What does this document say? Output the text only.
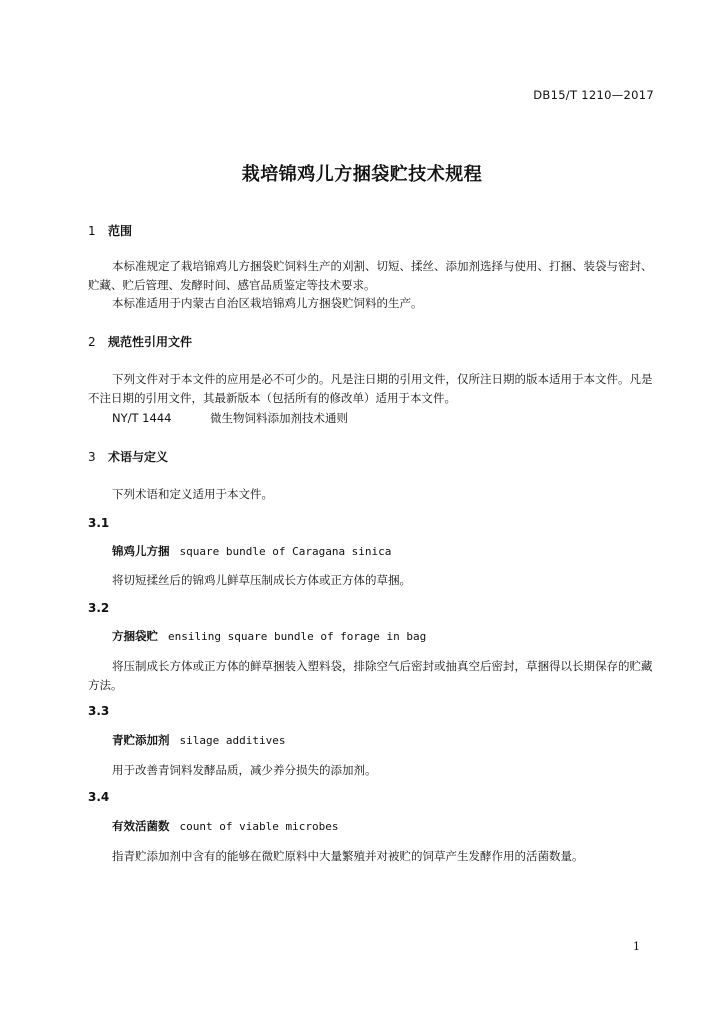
DB15/T 1210—2017
栽培锦鸡儿方捆袋贮技术规程
1 范围
本标准规定了栽培锦鸡儿方捆袋贮饲料生产的刈割、切短、揉丝、添加剂选择与使用、打捆、装袋与密封、贮藏、贮后管理、发酵时间、感官品质鉴定等技术要求。
本标准适用于内蒙古自治区栽培锦鸡儿方捆袋贮饲料的生产。
2 规范性引用文件
下列文件对于本文件的应用是必不可少的。凡是注日期的引用文件，仅所注日期的版本适用于本文件。凡是不注日期的引用文件，其最新版本（包括所有的修改单）适用于本文件。
NY/T 1444	微生物饲料添加剂技术通则
3 术语与定义
下列术语和定义适用于本文件。
3.1
锦鸡儿方捆 square bundle of Caragana sinica
将切短揉丝后的锦鸡儿鲜草压制成长方体或正方体的草捆。
3.2
方捆袋贮 ensiling square bundle of forage in bag
将压制成长方体或正方体的鲜草捆装入塑料袋，排除空气后密封或抽真空后密封，草捆得以长期保存的贮藏方法。
3.3
青贮添加剂 silage additives
用于改善青饲料发酵品质，减少养分损失的添加剂。
3.4
有效活菌数 count of viable microbes
指青贮添加剂中含有的能够在微贮原料中大量繁殖并对被贮的饲草产生发酵作用的活菌数量。
1
